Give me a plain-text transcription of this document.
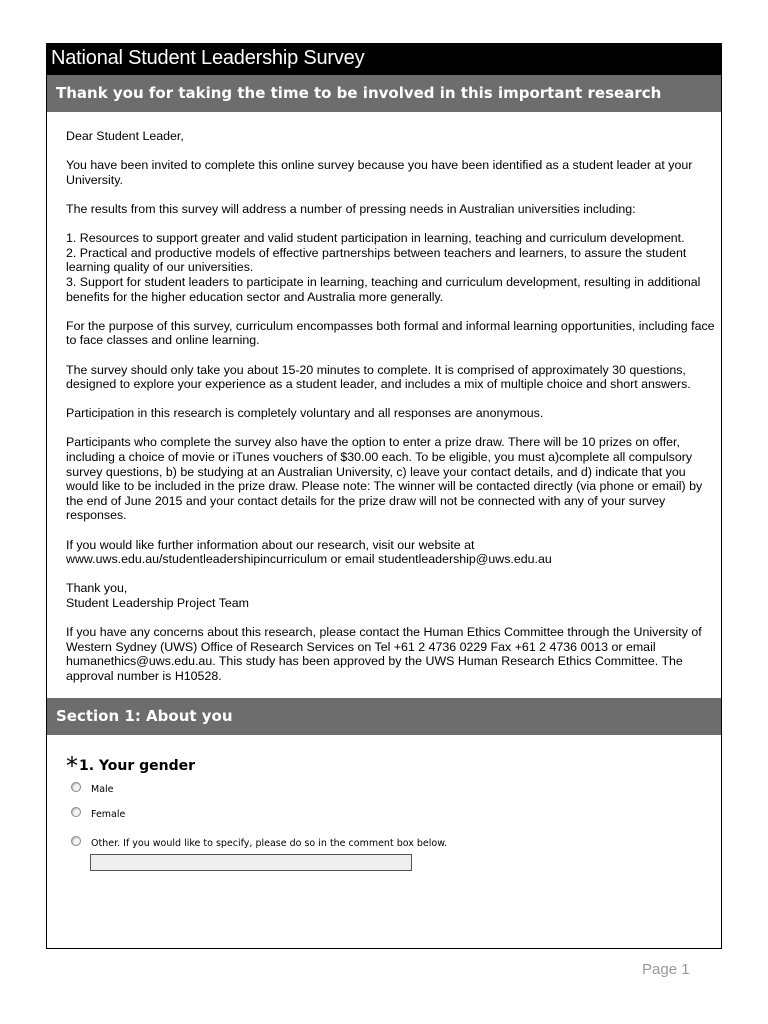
National Student Leadership Survey
Thank you for taking the time to be involved in this important research

Dear Student Leader,

You have been invited to complete this online survey because you have been identified as a student leader at your University.

The results from this survey will address a number of pressing needs in Australian universities including:

1. Resources to support greater and valid student participation in learning, teaching and curriculum development.
2. Practical and productive models of effective partnerships between teachers and learners, to assure the student learning quality of our universities.
3. Support for student leaders to participate in learning, teaching and curriculum development, resulting in additional benefits for the higher education sector and Australia more generally.

For the purpose of this survey, curriculum encompasses both formal and informal learning opportunities, including face to face classes and online learning.

The survey should only take you about 15-20 minutes to complete. It is comprised of approximately 30 questions, designed to explore your experience as a student leader, and includes a mix of multiple choice and short answers.

Participation in this research is completely voluntary and all responses are anonymous.

Participants who complete the survey also have the option to enter a prize draw. There will be 10 prizes on offer, including a choice of movie or iTunes vouchers of $30.00 each. To be eligible, you must a)complete all compulsory survey questions, b) be studying at an Australian University, c) leave your contact details, and d) indicate that you would like to be included in the prize draw. Please note: The winner will be contacted directly (via phone or email) by the end of June 2015 and your contact details for the prize draw will not be connected with any of your survey responses.

If you would like further information about our research, visit our website at
www.uws.edu.au/studentleadershipincurriculum or email studentleadership@uws.edu.au

Thank you,
Student Leadership Project Team

If you have any concerns about this research, please contact the Human Ethics Committee through the University of Western Sydney (UWS) Office of Research Services on Tel +61 2 4736 0229 Fax +61 2 4736 0013 or email humanethics@uws.edu.au. This study has been approved by the UWS Human Research Ethics Committee. The approval number is H10528.

Section 1: About you
*1. Your gender
Male
Female
Other. If you would like to specify, please do so in the comment box below.
Page 1
